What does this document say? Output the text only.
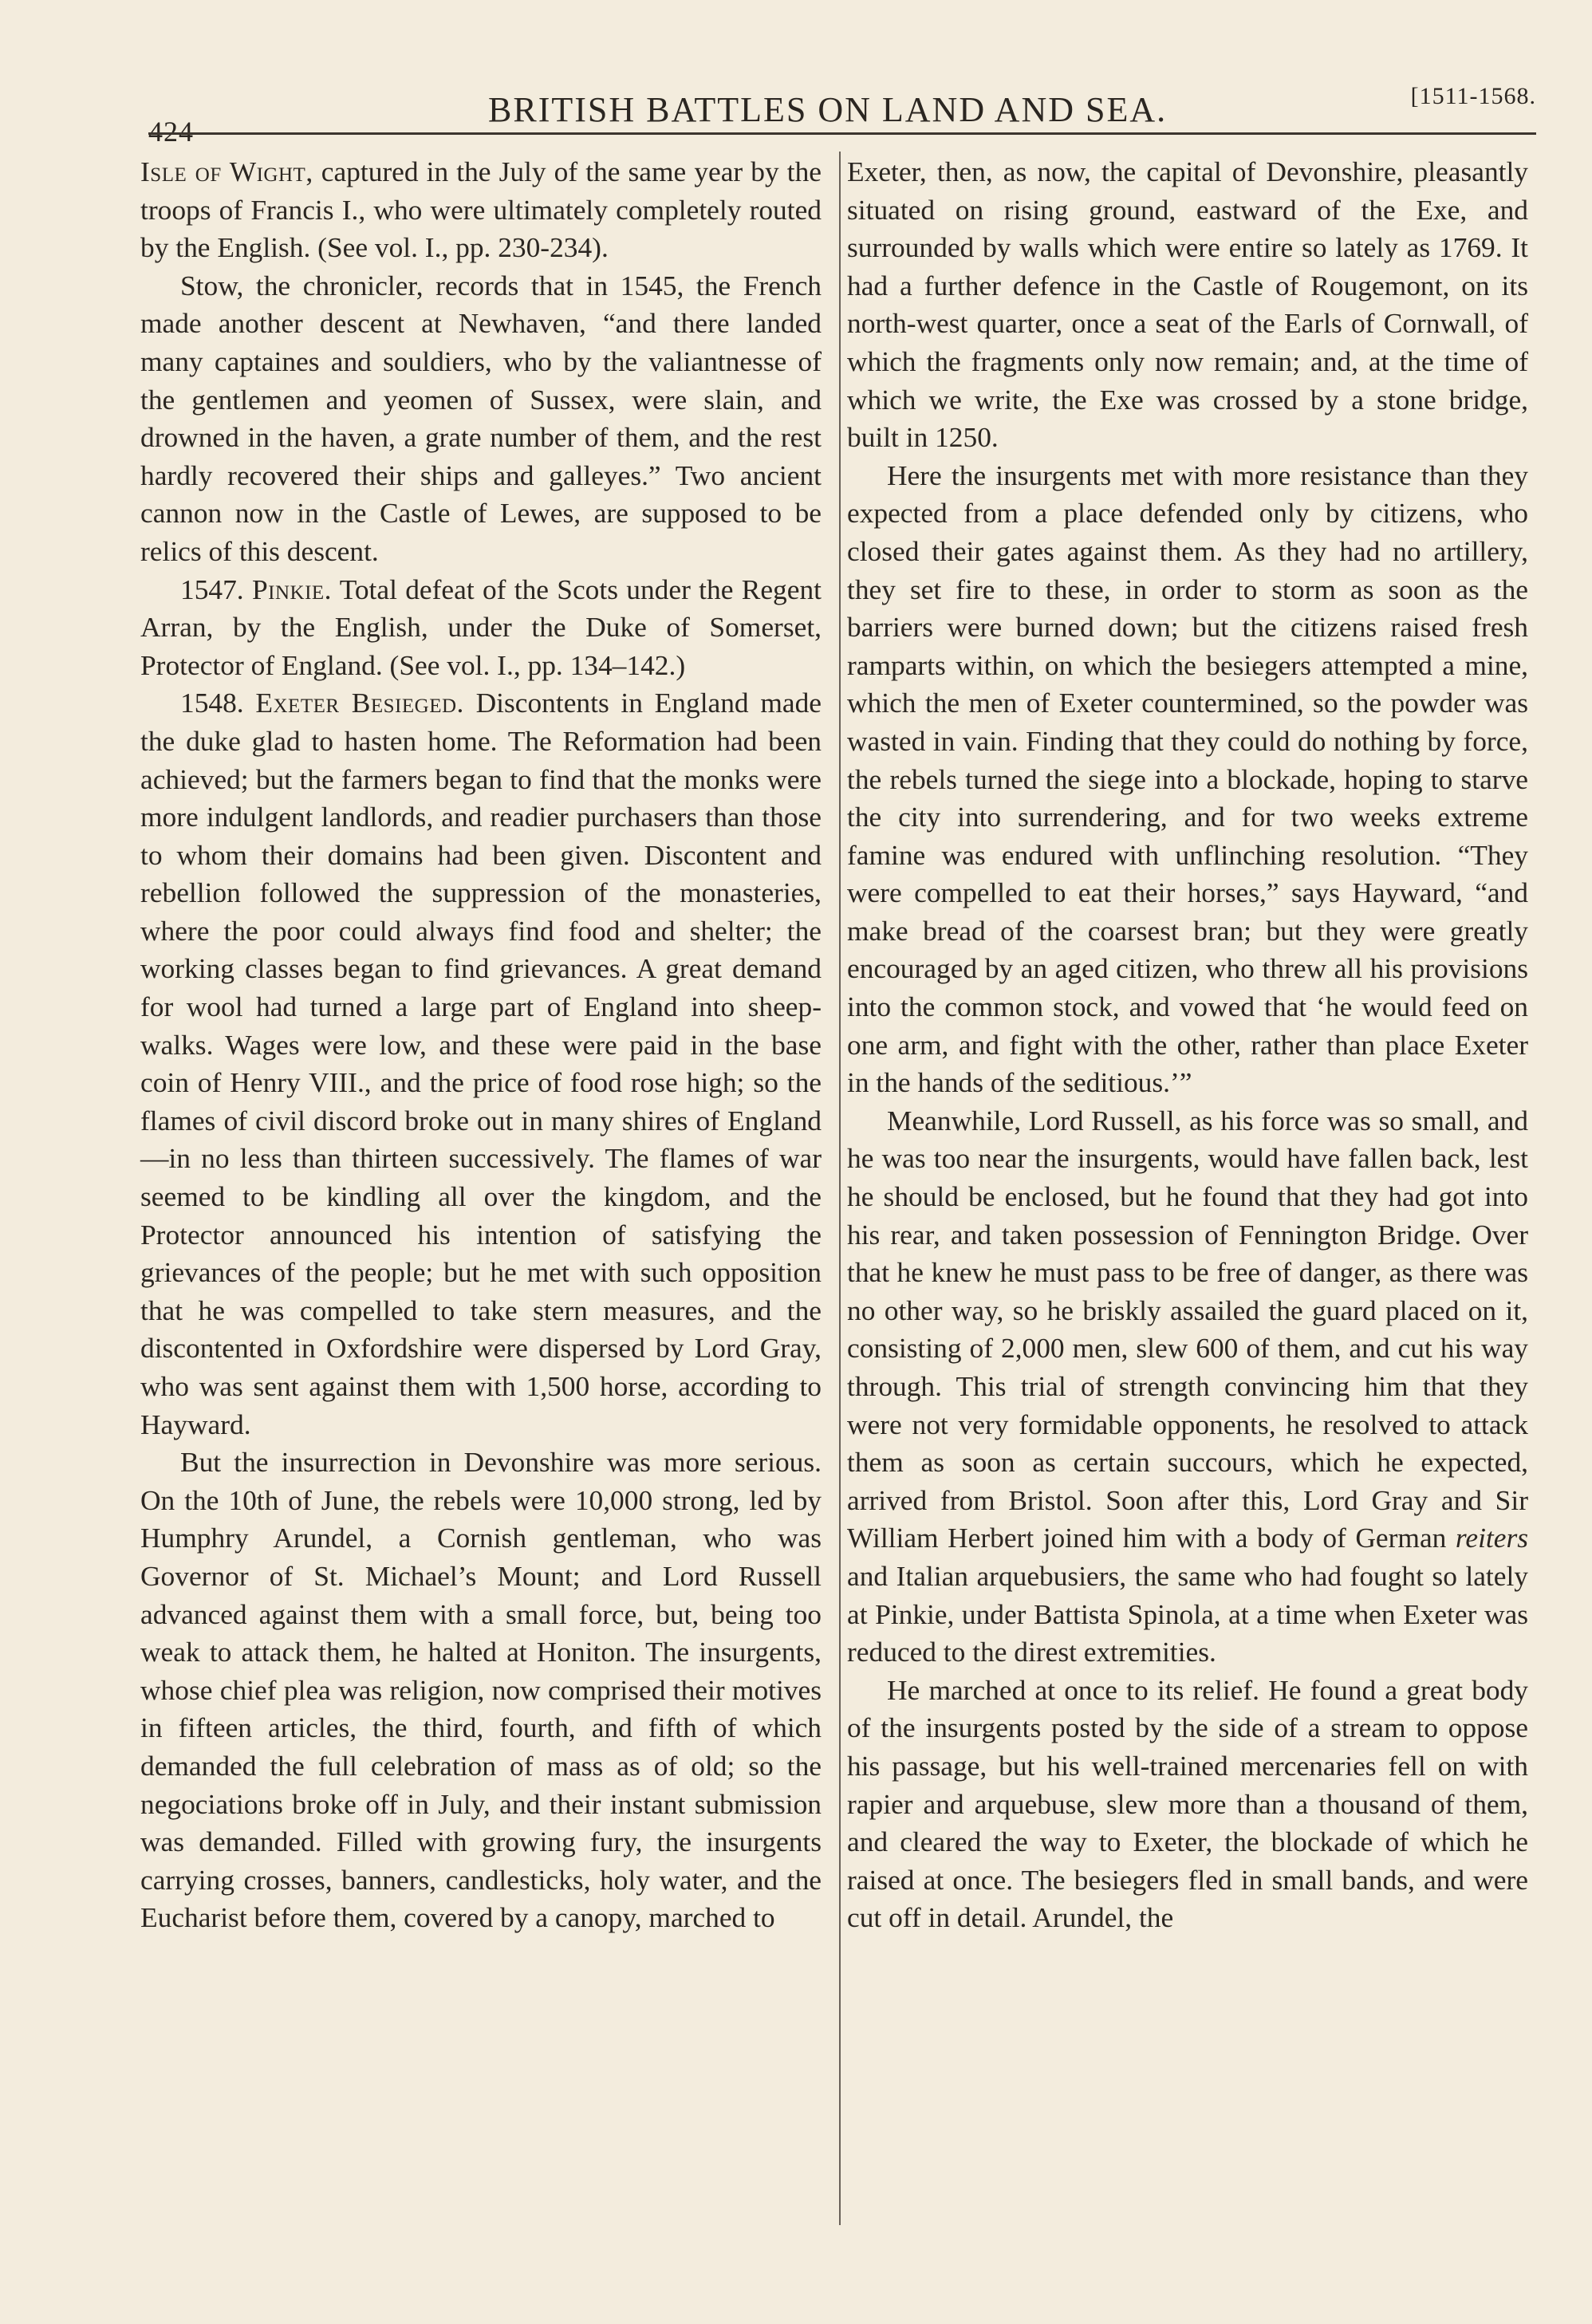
424
BRITISH BATTLES ON LAND AND SEA.	[1511-1568.

Isle of Wight, captured in the July of the same year by the troops of Francis I., who were ultimately completely routed by the English. (See vol. I., pp. 230-234).

Stow, the chronicler, records that in 1545, the French made another descent at Newhaven, “and there landed many captaines and souldiers, who by the valiantnesse of the gentlemen and yeomen of Sussex, were slain, and drowned in the haven, a grate number of them, and the rest hardly recovered their ships and galleyes.” Two ancient cannon now in the Castle of Lewes, are supposed to be relics of this descent.

1547. Pinkie. Total defeat of the Scots under the Regent Arran, by the English, under the Duke of Somerset, Protector of England. (See vol. I., pp. 134–142.)

1548. Exeter Besieged. Discontents in England made the duke glad to hasten home. The Reformation had been achieved; but the farmers began to find that the monks were more indulgent landlords, and readier purchasers than those to whom their domains had been given. Discontent and rebellion followed the suppression of the monasteries, where the poor could always find food and shelter; the working classes began to find grievances. A great demand for wool had turned a large part of England into sheep-walks. Wages were low, and these were paid in the base coin of Henry VIII., and the price of food rose high; so the flames of civil discord broke out in many shires of England—in no less than thirteen successively. The flames of war seemed to be kindling all over the kingdom, and the Protector announced his intention of satisfying the grievances of the people; but he met with such opposition that he was compelled to take stern measures, and the discontented in Oxfordshire were dispersed by Lord Gray, who was sent against them with 1,500 horse, according to Hayward.

But the insurrection in Devonshire was more serious. On the 10th of June, the rebels were 10,000 strong, led by Humphry Arundel, a Cornish gentleman, who was Governor of St. Michael’s Mount; and Lord Russell advanced against them with a small force, but, being too weak to attack them, he halted at Honiton. The insurgents, whose chief plea was religion, now comprised their motives in fifteen articles, the third, fourth, and fifth of which demanded the full celebration of mass as of old; so the negociations broke off in July, and their instant submission was demanded. Filled with growing fury, the insurgents carrying crosses, banners, candlesticks, holy water, and the Eucharist before them, covered by a canopy, marched to

Exeter, then, as now, the capital of Devonshire, pleasantly situated on rising ground, eastward of the Exe, and surrounded by walls which were entire so lately as 1769. It had a further defence in the Castle of Rougemont, on its north-west quarter, once a seat of the Earls of Cornwall, of which the fragments only now remain; and, at the time of which we write, the Exe was crossed by a stone bridge, built in 1250.

Here the insurgents met with more resistance than they expected from a place defended only by citizens, who closed their gates against them. As they had no artillery, they set fire to these, in order to storm as soon as the barriers were burned down; but the citizens raised fresh ramparts within, on which the besiegers attempted a mine, which the men of Exeter countermined, so the powder was wasted in vain. Finding that they could do nothing by force, the rebels turned the siege into a blockade, hoping to starve the city into surrendering, and for two weeks extreme famine was endured with unflinching resolution. “They were compelled to eat their horses,” says Hayward, “and make bread of the coarsest bran; but they were greatly encouraged by an aged citizen, who threw all his provisions into the common stock, and vowed that ‘he would feed on one arm, and fight with the other, rather than place Exeter in the hands of the seditious.’”

Meanwhile, Lord Russell, as his force was so small, and he was too near the insurgents, would have fallen back, lest he should be enclosed, but he found that they had got into his rear, and taken possession of Fennington Bridge. Over that he knew he must pass to be free of danger, as there was no other way, so he briskly assailed the guard placed on it, consisting of 2,000 men, slew 600 of them, and cut his way through. This trial of strength convincing him that they were not very formidable opponents, he resolved to attack them as soon as certain succours, which he expected, arrived from Bristol. Soon after this, Lord Gray and Sir William Herbert joined him with a body of German reiters and Italian arquebusiers, the same who had fought so lately at Pinkie, under Battista Spinola, at a time when Exeter was reduced to the direst extremities.

He marched at once to its relief. He found a great body of the insurgents posted by the side of a stream to oppose his passage, but his well-trained mercenaries fell on with rapier and arquebuse, slew more than a thousand of them, and cleared the way to Exeter, the blockade of which he raised at once. The besiegers fled in small bands, and were cut off in detail. Arundel, the
